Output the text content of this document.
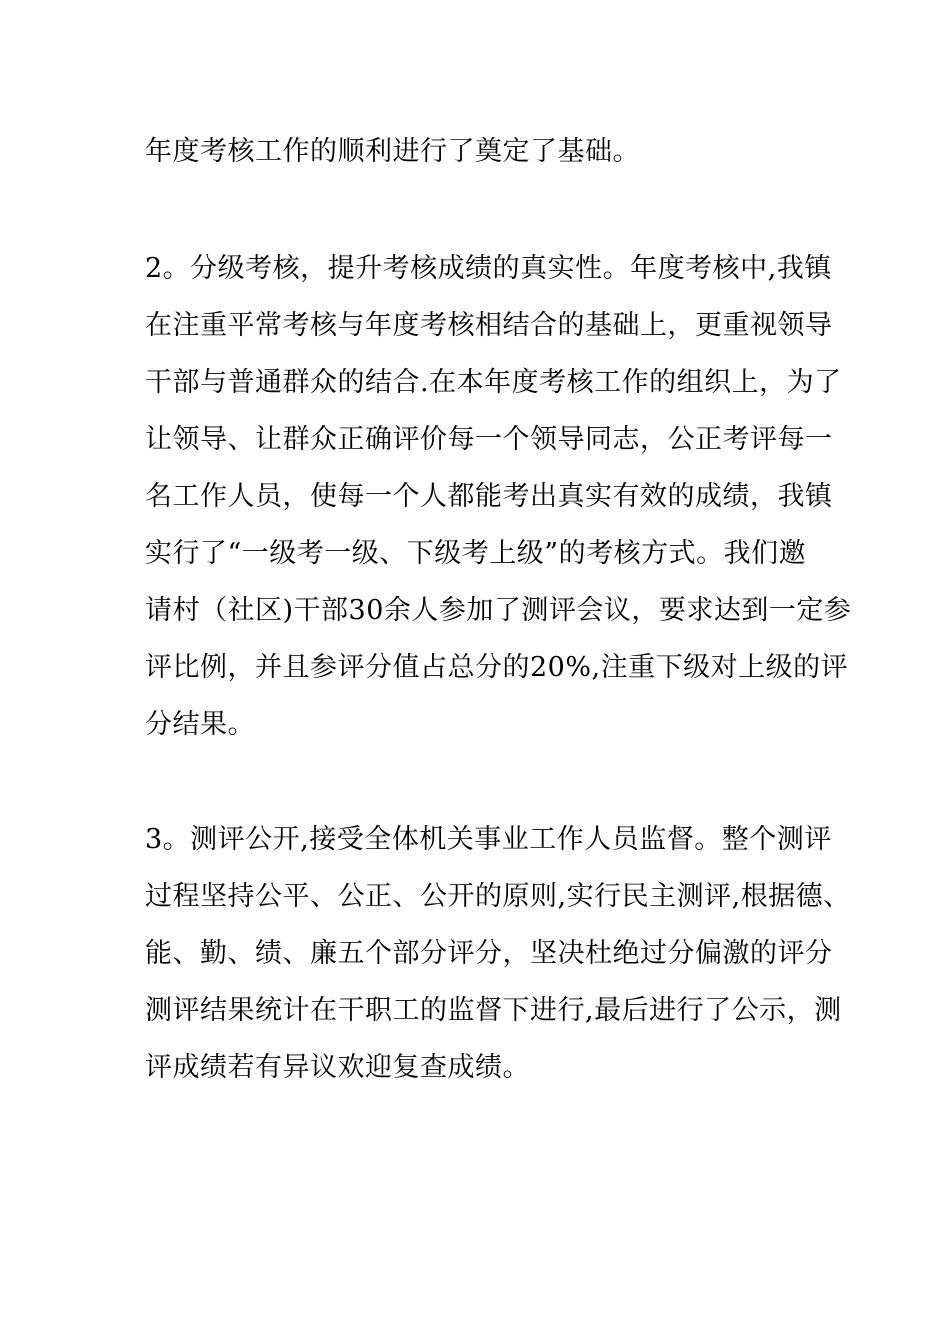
年度考核工作的顺利进行了奠定了基础。

2。分级考核，提升考核成绩的真实性。年度考核中,我镇

在注重平常考核与年度考核相结合的基础上，更重视领导

干部与普通群众的结合.在本年度考核工作的组织上，为了

让领导、让群众正确评价每一个领导同志，公正考评每一

名工作人员，使每一个人都能考出真实有效的成绩，我镇

实行了“一级考一级、下级考上级”的考核方式。我们邀

请村（社区)干部30余人参加了测评会议，要求达到一定参

评比例，并且参评分值占总分的20%,注重下级对上级的评

分结果。

3。测评公开,接受全体机关事业工作人员监督。整个测评

过程坚持公平、公正、公开的原则,实行民主测评,根据德、

能、勤、绩、廉五个部分评分，坚决杜绝过分偏激的评分

测评结果统计在干职工的监督下进行,最后进行了公示，测

评成绩若有异议欢迎复查成绩。
